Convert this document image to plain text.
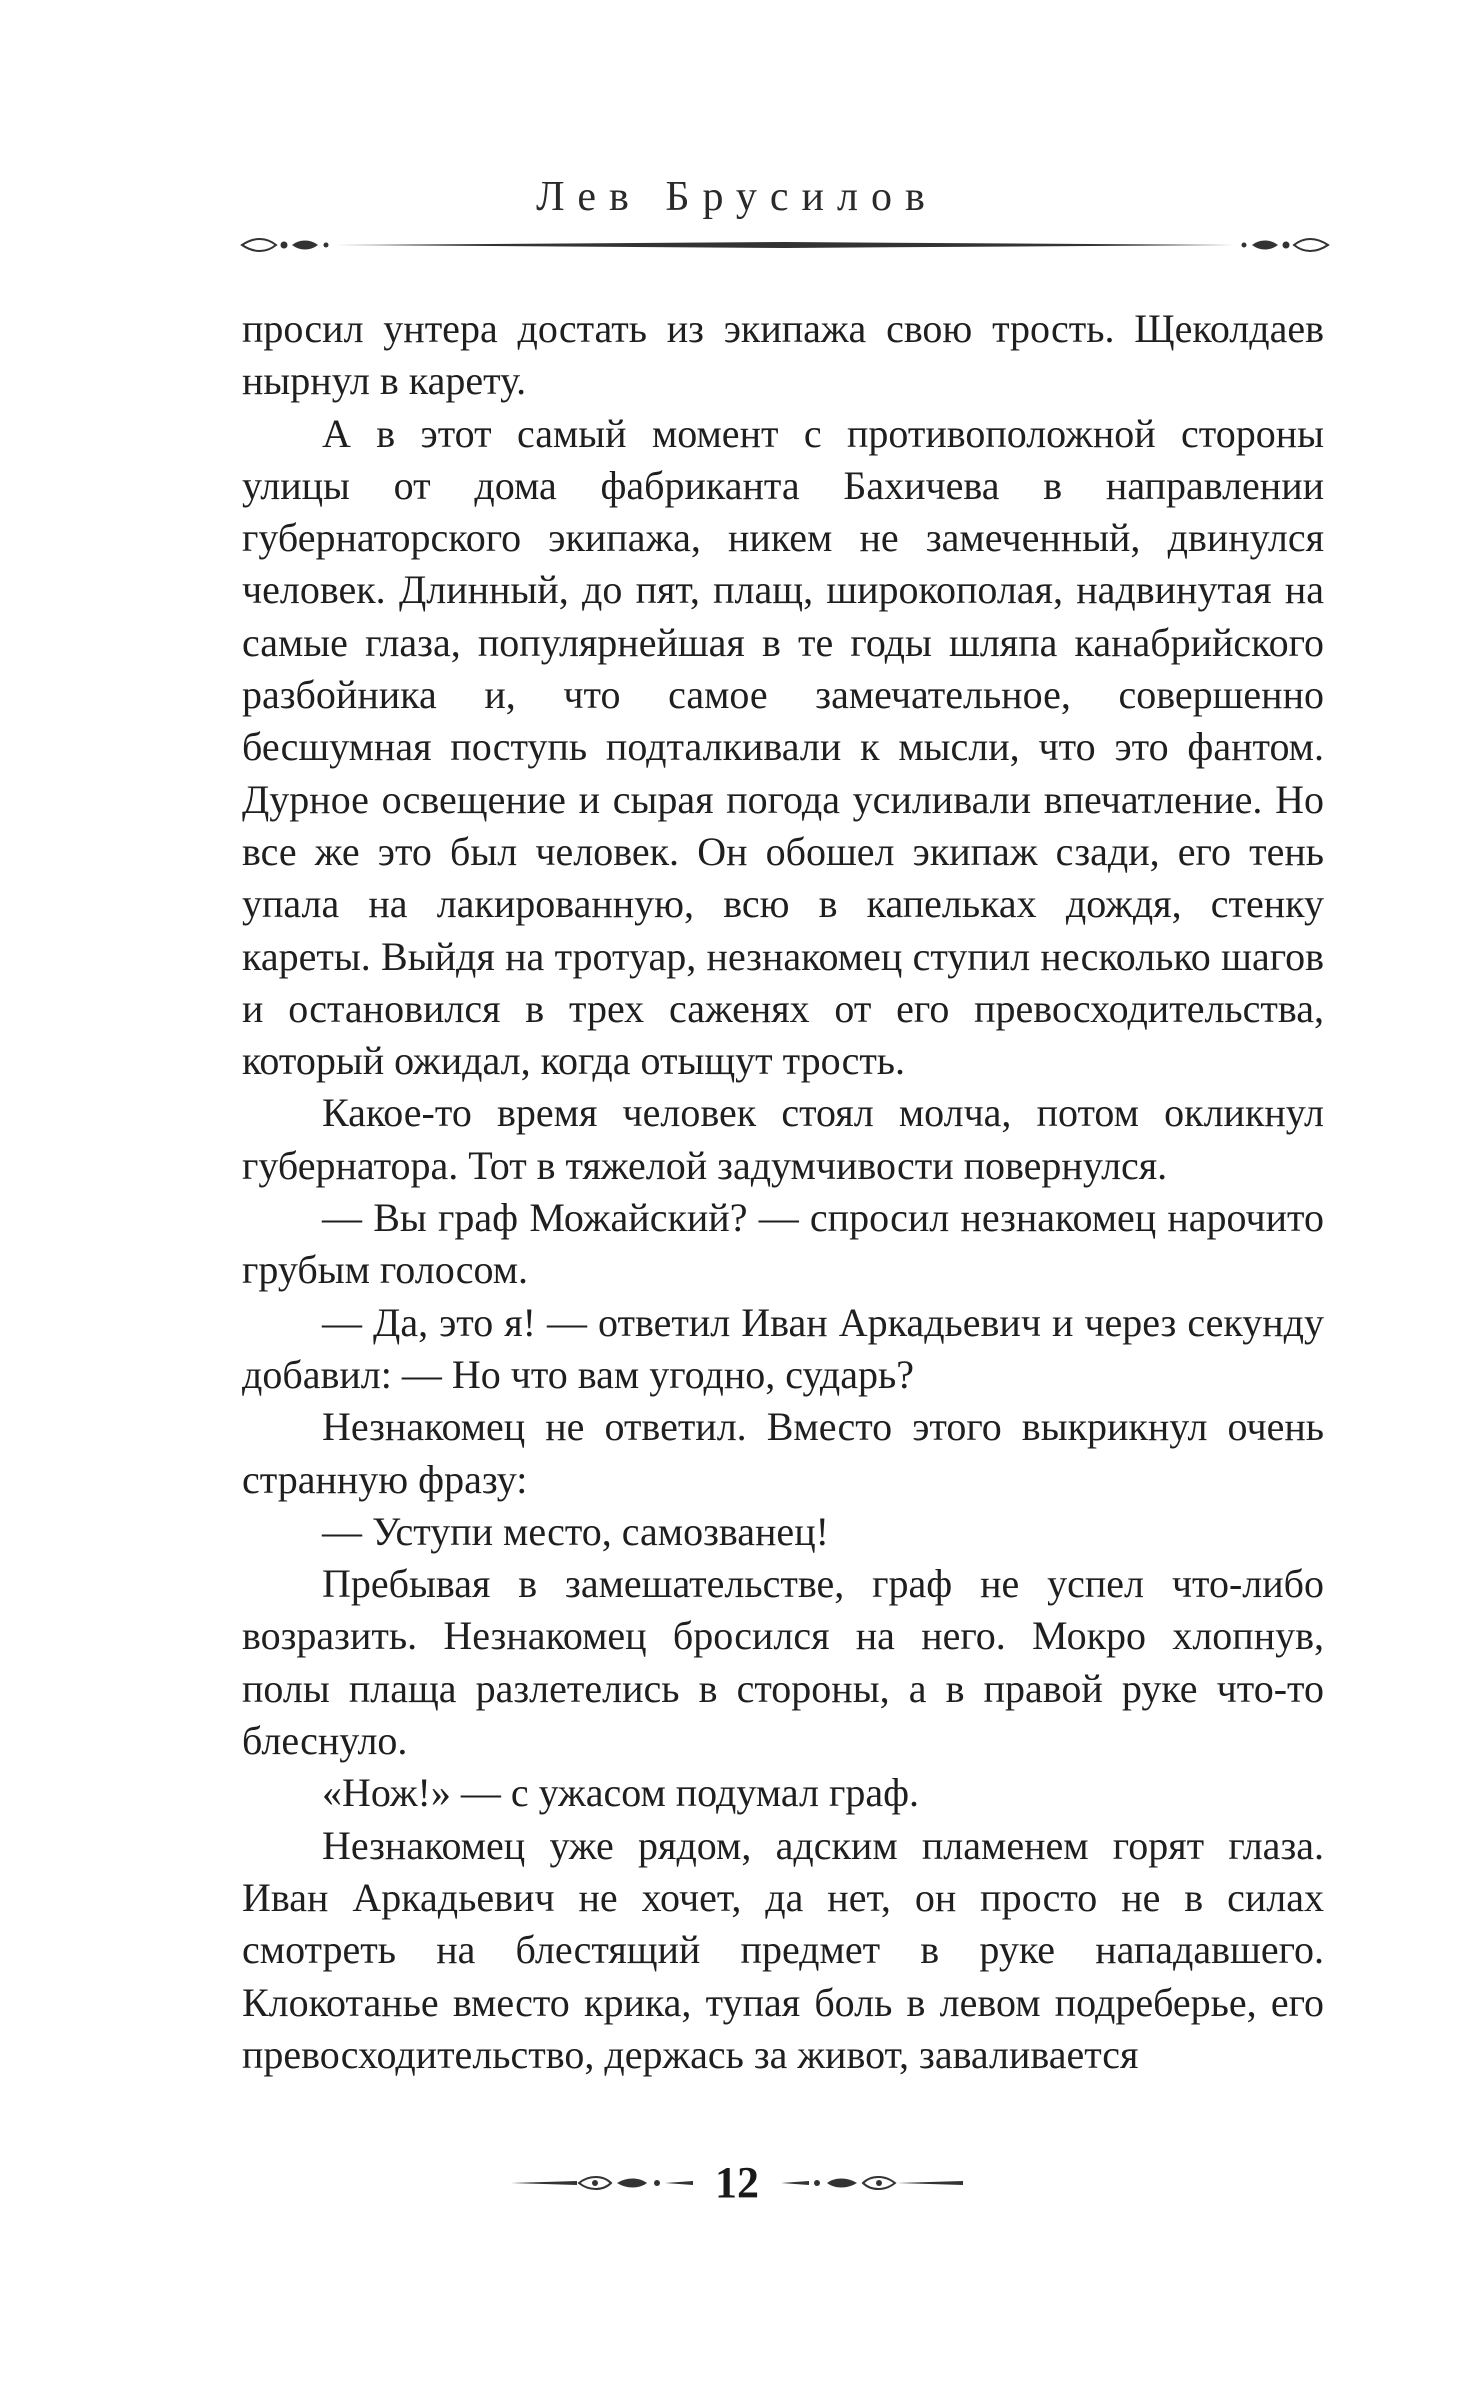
Лев Брусилов

просил унтера достать из экипажа свою трость. Щеколдаев нырнул в карету.

А в этот самый момент с противоположной стороны улицы от дома фабриканта Бахичева в направлении губернаторского экипажа, никем не замеченный, двинулся человек. Длинный, до пят, плащ, широкополая, надвинутая на самые глаза, популярнейшая в те годы шляпа канабрийского разбойника и, что самое замечательное, совершенно бесшумная поступь подталкивали к мысли, что это фантом. Дурное освещение и сырая погода усиливали впечатление. Но все же это был человек. Он обошел экипаж сзади, его тень упала на лакированную, всю в капельках дождя, стенку кареты. Выйдя на тротуар, незнакомец ступил несколько шагов и остановился в трех саженях от его превосходительства, который ожидал, когда отыщут трость.

Какое-то время человек стоял молча, потом окликнул губернатора. Тот в тяжелой задумчивости повернулся.

— Вы граф Можайский? — спросил незнакомец нарочито грубым голосом.

— Да, это я! — ответил Иван Аркадьевич и через секунду добавил: — Но что вам угодно, сударь?

Незнакомец не ответил. Вместо этого выкрикнул очень странную фразу:

— Уступи место, самозванец!

Пребывая в замешательстве, граф не успел что-либо возразить. Незнакомец бросился на него. Мокро хлопнув, полы плаща разлетелись в стороны, а в правой руке что-то блеснуло.

«Нож!» — с ужасом подумал граф.

Незнакомец уже рядом, адским пламенем горят глаза. Иван Аркадьевич не хочет, да нет, он просто не в силах смотреть на блестящий предмет в руке нападавшего. Клокотанье вместо крика, тупая боль в левом подреберье, его превосходительство, держась за живот, заваливается

12
